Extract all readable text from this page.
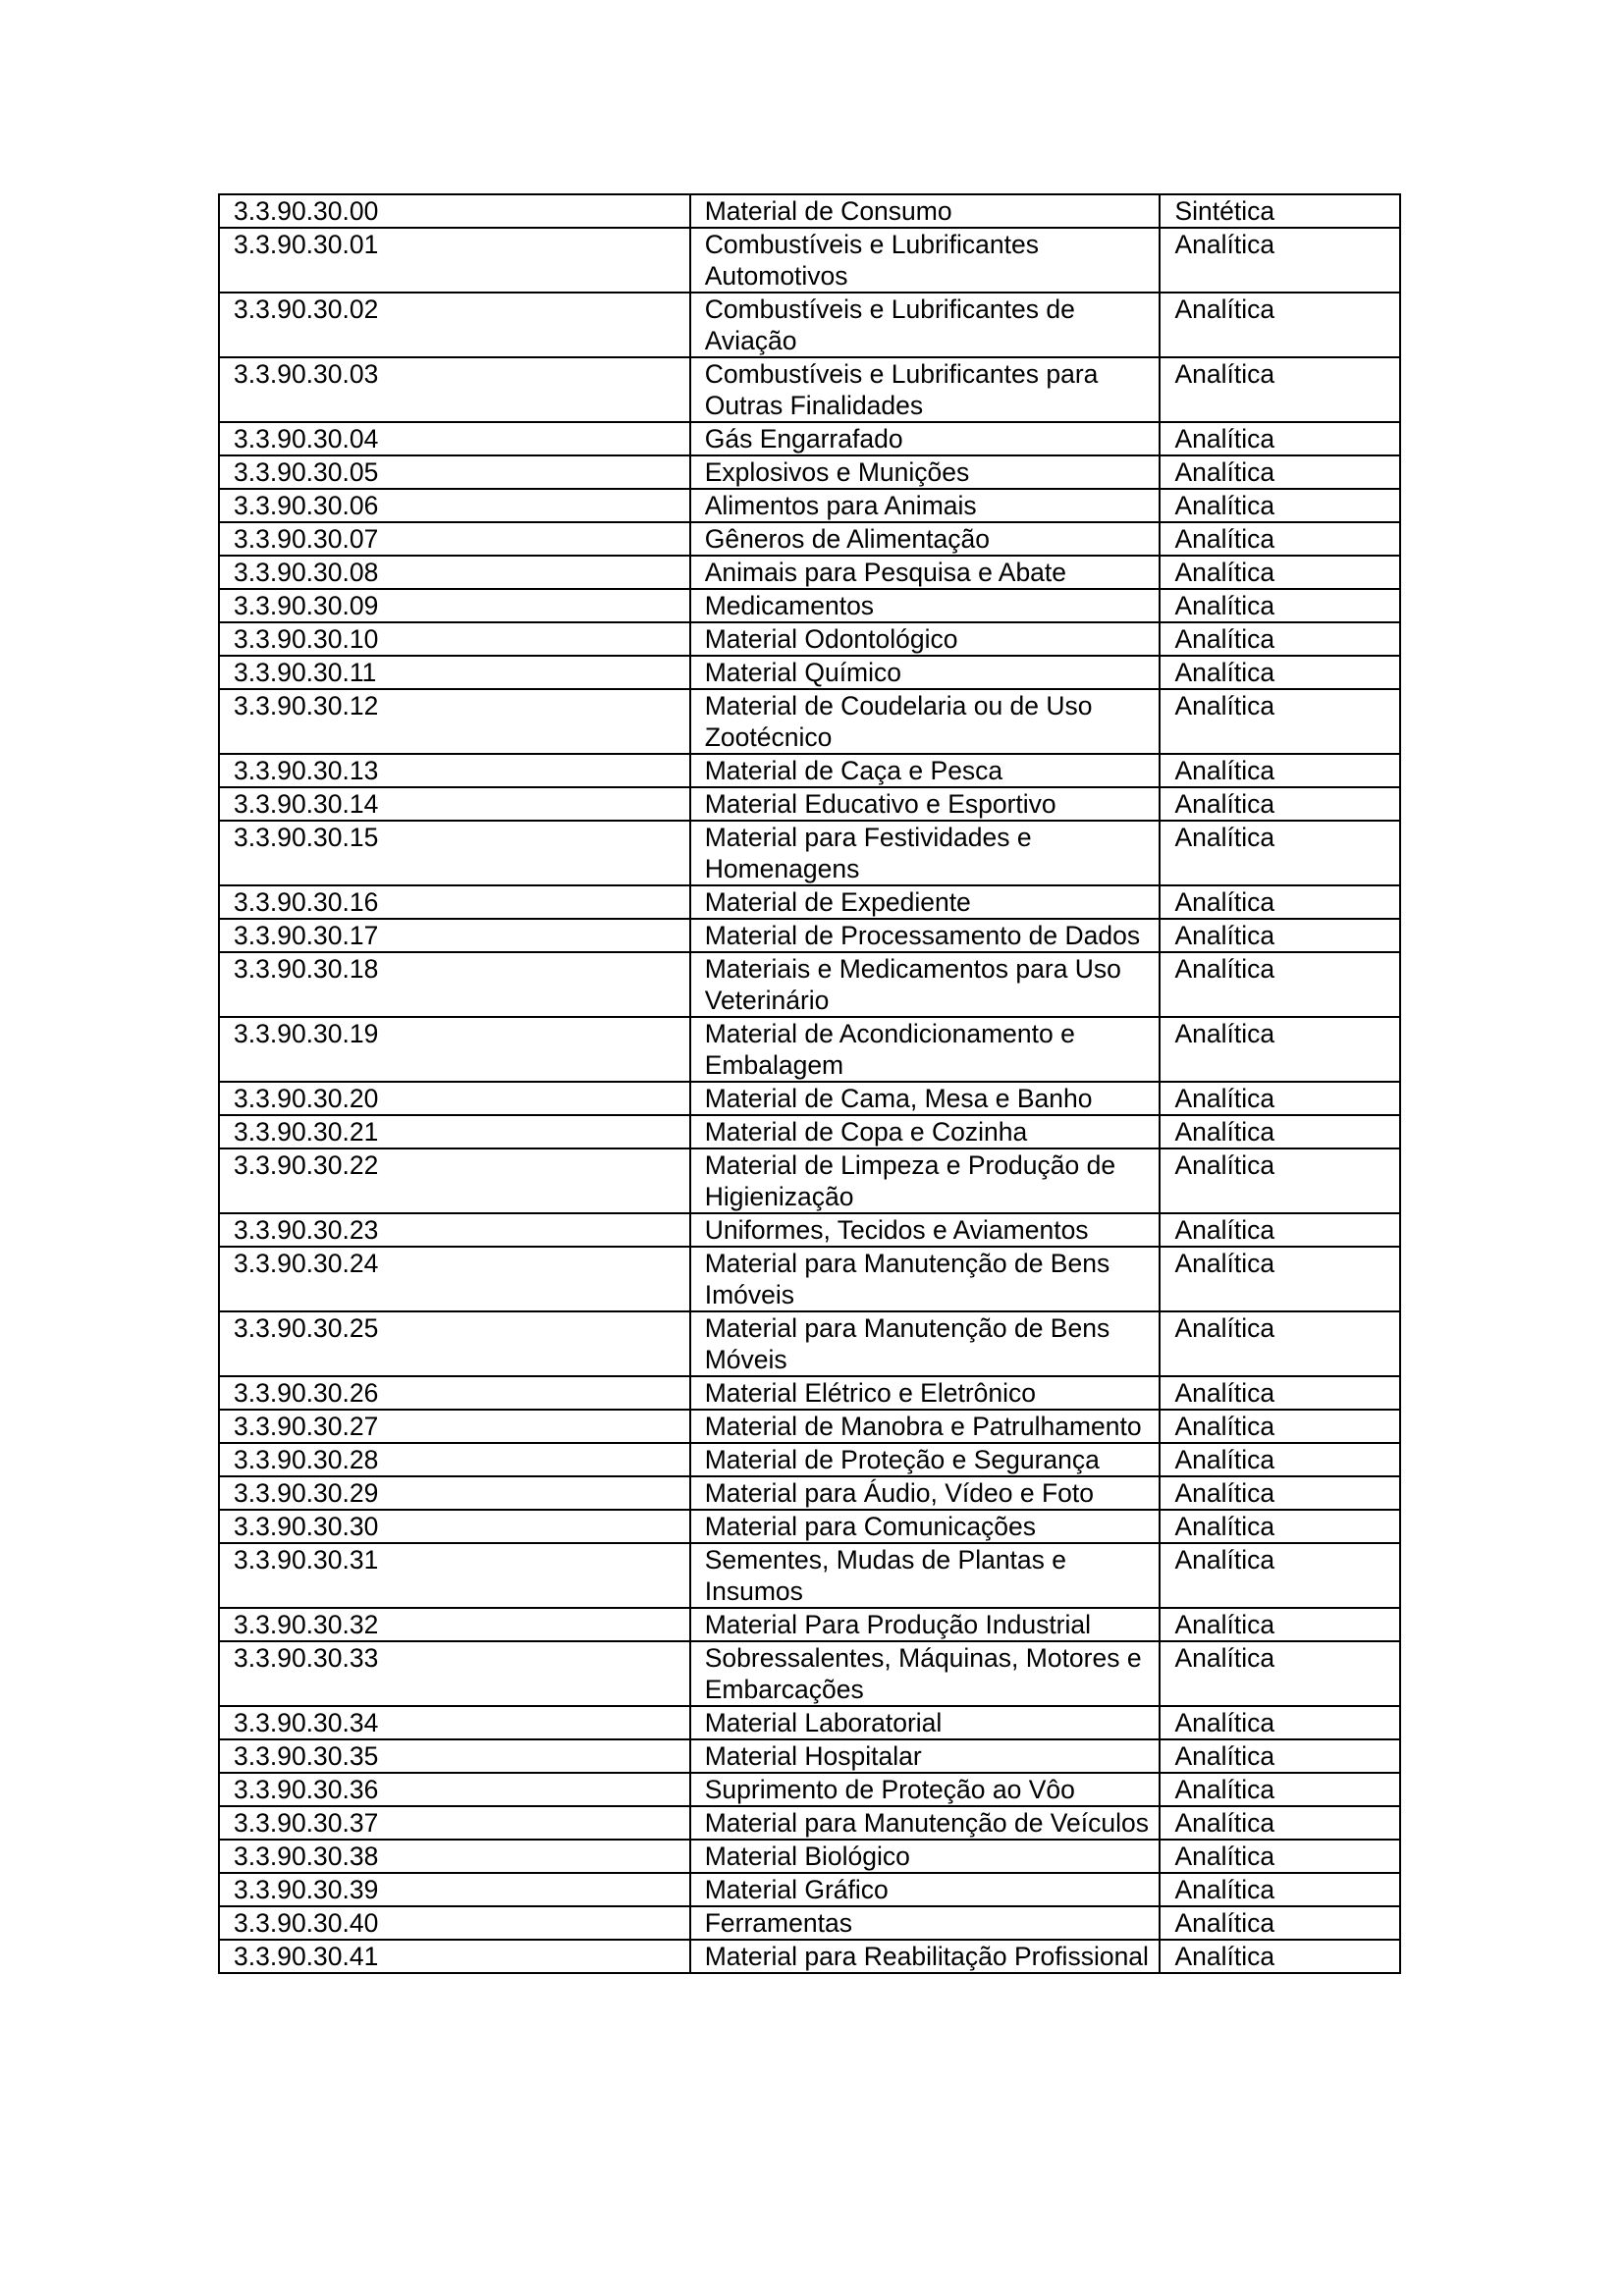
3.3.90.30.00	Material de Consumo	Sintética
3.3.90.30.01	Combustíveis e Lubrificantes Automotivos	Analítica
3.3.90.30.02	Combustíveis e Lubrificantes de Aviação	Analítica
3.3.90.30.03	Combustíveis e Lubrificantes para Outras Finalidades	Analítica
3.3.90.30.04	Gás Engarrafado	Analítica
3.3.90.30.05	Explosivos e Munições	Analítica
3.3.90.30.06	Alimentos para Animais	Analítica
3.3.90.30.07	Gêneros de Alimentação	Analítica
3.3.90.30.08	Animais para Pesquisa e Abate	Analítica
3.3.90.30.09	Medicamentos	Analítica
3.3.90.30.10	Material Odontológico	Analítica
3.3.90.30.11	Material Químico	Analítica
3.3.90.30.12	Material de Coudelaria ou de Uso Zootécnico	Analítica
3.3.90.30.13	Material de Caça e Pesca	Analítica
3.3.90.30.14	Material Educativo e Esportivo	Analítica
3.3.90.30.15	Material para Festividades e Homenagens	Analítica
3.3.90.30.16	Material de Expediente	Analítica
3.3.90.30.17	Material de Processamento de Dados	Analítica
3.3.90.30.18	Materiais e Medicamentos para Uso Veterinário	Analítica
3.3.90.30.19	Material de Acondicionamento e Embalagem	Analítica
3.3.90.30.20	Material de Cama, Mesa e Banho	Analítica
3.3.90.30.21	Material de Copa e Cozinha	Analítica
3.3.90.30.22	Material de Limpeza e Produção de Higienização	Analítica
3.3.90.30.23	Uniformes, Tecidos e Aviamentos	Analítica
3.3.90.30.24	Material para Manutenção de Bens Imóveis	Analítica
3.3.90.30.25	Material para Manutenção de Bens Móveis	Analítica
3.3.90.30.26	Material Elétrico e Eletrônico	Analítica
3.3.90.30.27	Material de Manobra e Patrulhamento	Analítica
3.3.90.30.28	Material de Proteção e Segurança	Analítica
3.3.90.30.29	Material para Áudio, Vídeo e Foto	Analítica
3.3.90.30.30	Material para Comunicações	Analítica
3.3.90.30.31	Sementes, Mudas de Plantas e Insumos	Analítica
3.3.90.30.32	Material Para Produção Industrial	Analítica
3.3.90.30.33	Sobressalentes, Máquinas, Motores e Embarcações	Analítica
3.3.90.30.34	Material Laboratorial	Analítica
3.3.90.30.35	Material Hospitalar	Analítica
3.3.90.30.36	Suprimento de Proteção ao Vôo	Analítica
3.3.90.30.37	Material para Manutenção de Veículos	Analítica
3.3.90.30.38	Material Biológico	Analítica
3.3.90.30.39	Material Gráfico	Analítica
3.3.90.30.40	Ferramentas	Analítica
3.3.90.30.41	Material para Reabilitação Profissional	Analítica
